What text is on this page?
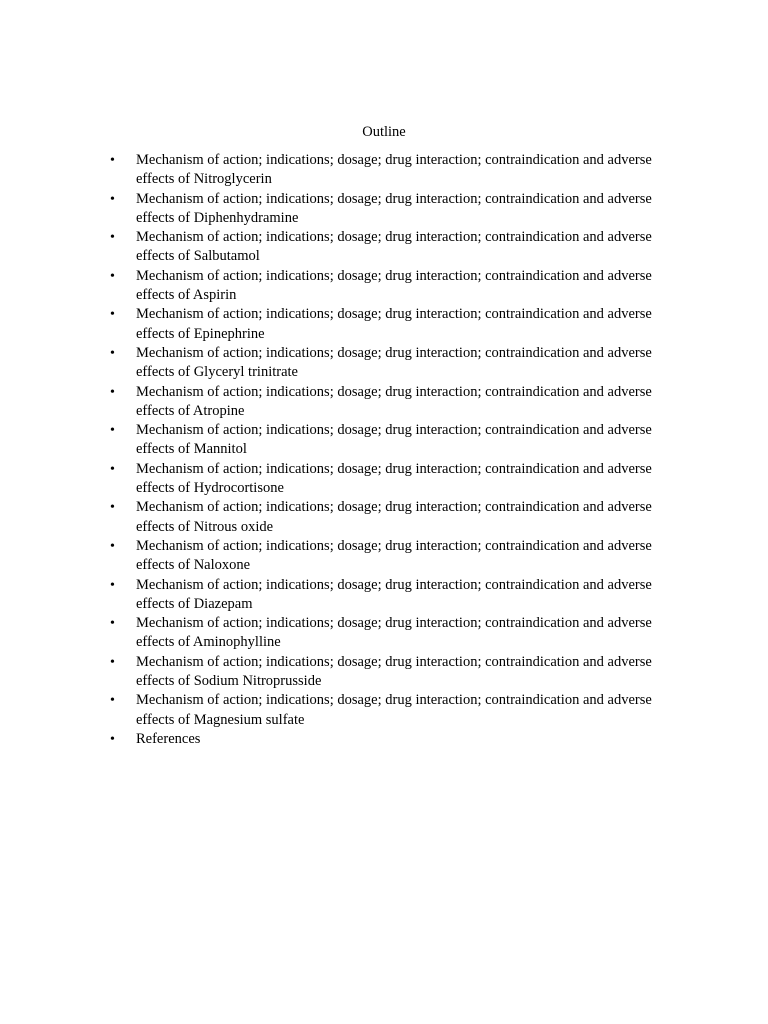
Outline
•	Mechanism of action; indications; dosage; drug interaction; contraindication and adverse effects of Nitroglycerin
•	Mechanism of action; indications; dosage; drug interaction; contraindication and adverse effects of Diphenhydramine
•	Mechanism of action; indications; dosage; drug interaction; contraindication and adverse effects of Salbutamol
•	Mechanism of action; indications; dosage; drug interaction; contraindication and adverse effects of Aspirin
•	Mechanism of action; indications; dosage; drug interaction; contraindication and adverse effects of Epinephrine
•	Mechanism of action; indications; dosage; drug interaction; contraindication and adverse effects of Glyceryl trinitrate
•	Mechanism of action; indications; dosage; drug interaction; contraindication and adverse effects of Atropine
•	Mechanism of action; indications; dosage; drug interaction; contraindication and adverse effects of Mannitol
•	Mechanism of action; indications; dosage; drug interaction; contraindication and adverse effects of Hydrocortisone
•	Mechanism of action; indications; dosage; drug interaction; contraindication and adverse effects of Nitrous oxide
•	Mechanism of action; indications; dosage; drug interaction; contraindication and adverse effects of Naloxone
•	Mechanism of action; indications; dosage; drug interaction; contraindication and adverse effects of Diazepam
•	Mechanism of action; indications; dosage; drug interaction; contraindication and adverse effects of Aminophylline
•	Mechanism of action; indications; dosage; drug interaction; contraindication and adverse effects of Sodium Nitroprusside
•	Mechanism of action; indications; dosage; drug interaction; contraindication and adverse effects of Magnesium sulfate
•	References
